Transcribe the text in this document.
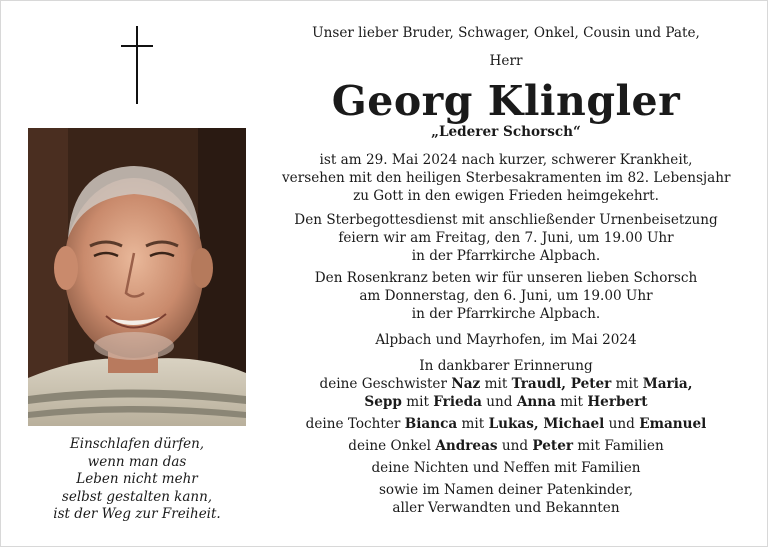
Einschlafen dürfen,
wenn man das
Leben nicht mehr
selbst gestalten kann,
ist der Weg zur Freiheit.
Unser lieber Bruder, Schwager, Onkel, Cousin und Pate,
Herr
Georg Klingler
„Lederer Schorsch“
ist am 29. Mai 2024 nach kurzer, schwerer Krankheit,
versehen mit den heiligen Sterbesakramenten im 82. Lebensjahr
zu Gott in den ewigen Frieden heimgekehrt.
Den Sterbegottesdienst mit anschließender Urnenbeisetzung
feiern wir am Freitag, den 7. Juni, um 19.00 Uhr
in der Pfarrkirche Alpbach.
Den Rosenkranz beten wir für unseren lieben Schorsch
am Donnerstag, den 6. Juni, um 19.00 Uhr
in der Pfarrkirche Alpbach.
Alpbach und Mayrhofen, im Mai 2024
In dankbarer Erinnerung
deine Geschwister Naz mit Traudl, Peter mit Maria,
Sepp mit Frieda und Anna mit Herbert
deine Tochter Bianca mit Lukas, Michael und Emanuel
deine Onkel Andreas und Peter mit Familien
deine Nichten und Neffen mit Familien
sowie im Namen deiner Patenkinder,
aller Verwandten und Bekannten
